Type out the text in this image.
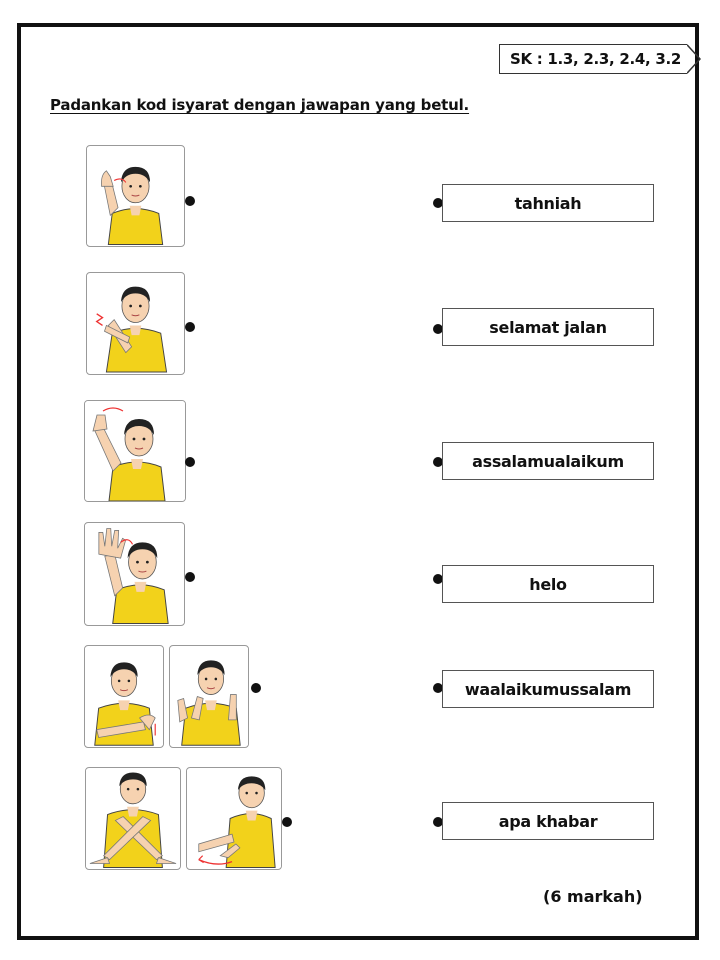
SK : 1.3, 2.3, 2.4, 3.2
Padankan kod isyarat dengan jawapan yang betul.
tahniah
selamat jalan
assalamualaikum
helo
waalaikumussalam
apa khabar
(6 markah)
